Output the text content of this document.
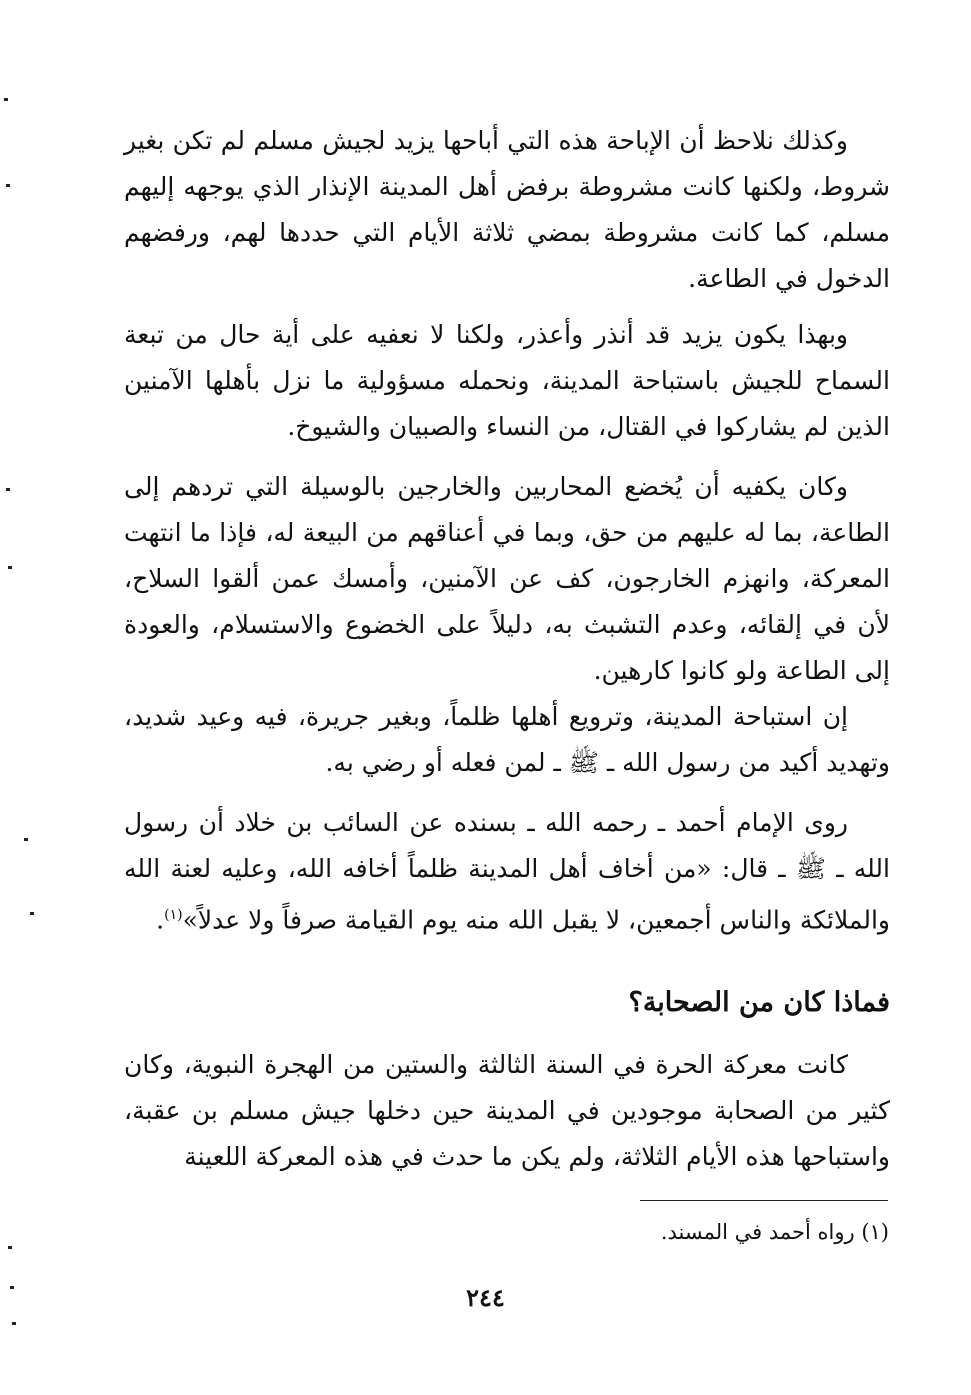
وكذلك نلاحظ أن الإباحة هذه التي أباحها يزيد لجيش مسلم لم تكن بغير شروط، ولكنها كانت مشروطة برفض أهل المدينة الإنذار الذي يوجهه إليهم مسلم، كما كانت مشروطة بمضي ثلاثة الأيام التي حددها لهم، ورفضهم الدخول في الطاعة.

وبهذا يكون يزيد قد أنذر وأعذر، ولكنا لا نعفيه على أية حال من تبعة السماح للجيش باستباحة المدينة، ونحمله مسؤولية ما نزل بأهلها الآمنين الذين لم يشاركوا في القتال، من النساء والصبيان والشيوخ.

وكان يكفيه أن يُخضع المحاربين والخارجين بالوسيلة التي تردهم إلى الطاعة، بما له عليهم من حق، وبما في أعناقهم من البيعة له، فإذا ما انتهت المعركة، وانهزم الخارجون، كف عن الآمنين، وأمسك عمن ألقوا السلاح، لأن في إلقائه، وعدم التشبث به، دليلاً على الخضوع والاستسلام، والعودة إلى الطاعة ولو كانوا كارهين.

إن استباحة المدينة، وترويع أهلها ظلماً، وبغير جريرة، فيه وعيد شديد، وتهديد أكيد من رسول الله ـ ﷺ ـ لمن فعله أو رضي به.

روى الإمام أحمد ـ رحمه الله ـ بسنده عن السائب بن خلاد أن رسول الله ـ ﷺ ـ قال: «من أخاف أهل المدينة ظلماً أخافه الله، وعليه لعنة الله والملائكة والناس أجمعين، لا يقبل الله منه يوم القيامة صرفاً ولا عدلاً»$^{(١)}$.

فماذا كان من الصحابة؟

كانت معركة الحرة في السنة الثالثة والستين من الهجرة النبوية، وكان كثير من الصحابة موجودين في المدينة حين دخلها جيش مسلم بن عقبة، واستباحها هذه الأيام الثلاثة، ولم يكن ما حدث في هذه المعركة اللعينة

(١) رواه أحمد في المسند.

٢٤٤
